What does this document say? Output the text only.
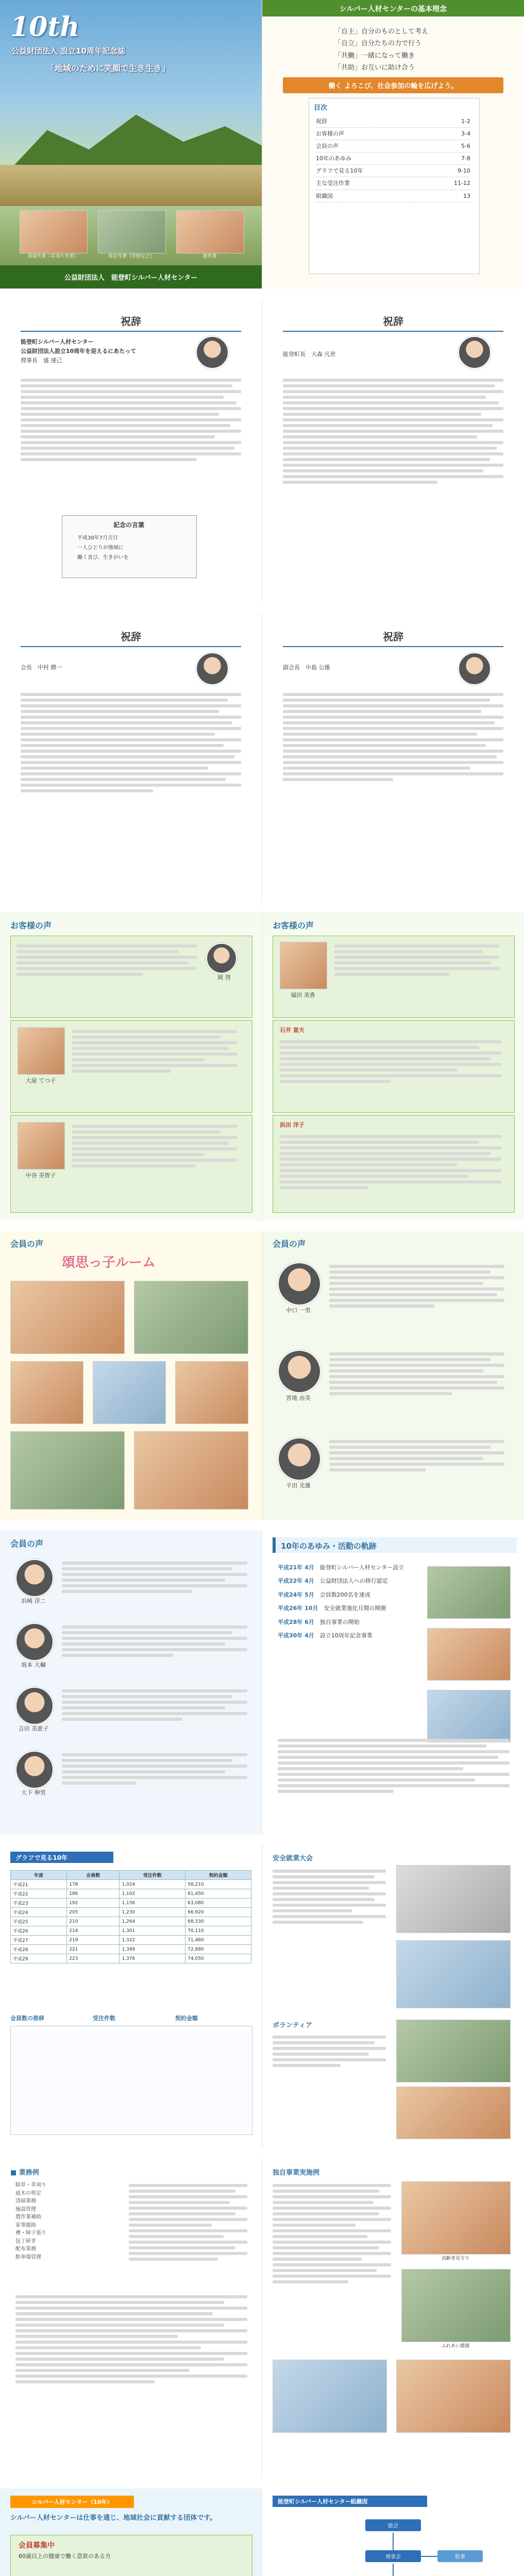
10th
公益財団法人 設立10周年記念誌
「地域のために笑顔で生き生き」
清掃作業（草刈り作業）	剪定作業（学校など）	農作業
公益財団法人　能登町シルバー人材センター
シルバー人材センターの基本理念
「自主」自分のものとして考え
「自立」自分たちの力で行う
「共働」一緒になって働き
「共助」お互いに助け合う
働く よろこび、社会参加の輪を広げよう。
目次
祝辞	1-2
お客様の声	3-4
会員の声	5-6
10年のあゆみ	7-8
グラフで見る10年	9-10
主な受注作業	11-12
組織図	13
祝辞
能登町シルバー人材センター
公益財団法人設立10周年を迎えるにあたって
理事長　盛 達己
記念の言葉
平成30年7月吉日
一人ひとりが地域に
働く喜び、生きがいを
祝辞
能登町長　大森 凡世
祝辞
会長　中村 勝一
祝辞
副会長　中島 公雄
お客様の声
岡 啓
大屋 てつ子
中谷 美智子
お客様の声
福田 美香
石井 富夫
浜田 洋子
会員の声
頌思っ子ルーム
会員の声
中口 一男
宮地 由美
平田 光雄
会員の声
浜崎 洋二
坂本 大輔
吉田 美恵子
大下 伸男
10年のあゆみ・活動の軌跡
平成21年 4月　 能登町シルバー人材センター設立
平成22年 4月　 公益財団法人への移行認定
平成24年 5月　 会員数200名を達成
平成26年 10月　 安全就業強化月間の開催
平成28年 6月　 独自事業の開始
平成30年 4月　 設立10周年記念事業
グラフで見る10年
年度	会員数	受注件数	契約金額
平成21	178	1,024	58,210
平成22	186	1,102	61,450
平成23	192	1,156	63,080
平成24	205	1,230	66,920
平成25	210	1,264	68,330
平成26	214	1,301	70,110
平成27	219	1,322	71,460
平成28	221	1,349	72,880
平成29	223	1,376	74,050
会員数の推移	受注件数	契約金額
安全就業大会
ボランティア
■ 業務例
除草・草刈り
庭木の剪定
清掃業務
施設管理
農作業補助
家事援助
襖・障子張り
包丁研ぎ
配布業務
駐車場管理
独自事業実施例
高齢者見守り
ふれあい農園
シルバー人材センター（10年）
シルバー人材センターは仕事を通じ、地域社会に貢献する団体です。
会員募集中
60歳以上の健康で働く意欲のある方
能登町シルバー人材センター組織図
総会
理事会	監事
